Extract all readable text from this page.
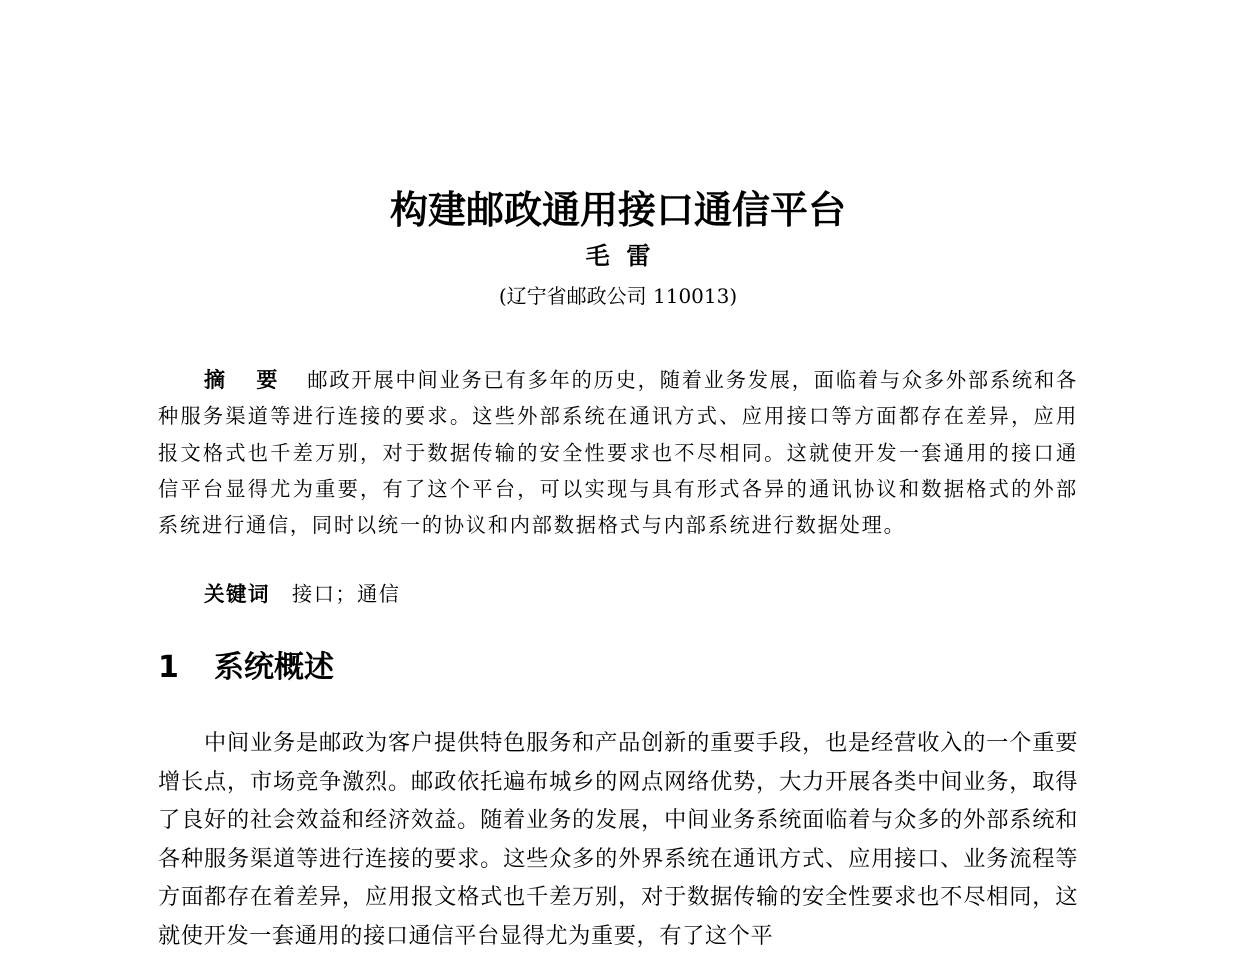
构建邮政通用接口通信平台
毛  雷
(辽宁省邮政公司 110013)
摘 要 邮政开展中间业务已有多年的历史，随着业务发展，面临着与众多外部系统和各种服务渠道等进行连接的要求。这些外部系统在通讯方式、应用接口等方面都存在差异，应用报文格式也千差万别，对于数据传输的安全性要求也不尽相同。这就使开发一套通用的接口通信平台显得尤为重要，有了这个平台，可以实现与具有形式各异的通讯协议和数据格式的外部系统进行通信，同时以统一的协议和内部数据格式与内部系统进行数据处理。
关键词 接口；通信
1 系统概述
中间业务是邮政为客户提供特色服务和产品创新的重要手段，也是经营收入的一个重要增长点，市场竞争激烈。邮政依托遍布城乡的网点网络优势，大力开展各类中间业务，取得了良好的社会效益和经济效益。随着业务的发展，中间业务系统面临着与众多的外部系统和各种服务渠道等进行连接的要求。这些众多的外界系统在通讯方式、应用接口、业务流程等方面都存在着差异，应用报文格式也千差万别，对于数据传输的安全性要求也不尽相同，这就使开发一套通用的接口通信平台显得尤为重要，有了这个平
